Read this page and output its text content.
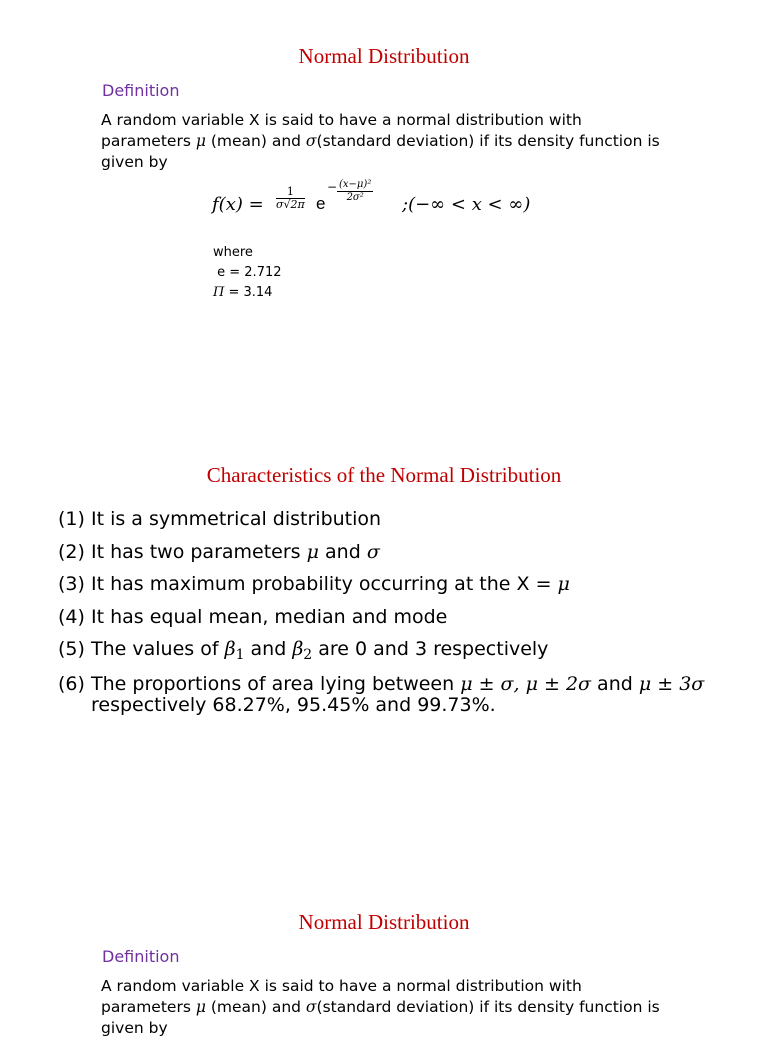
Normal Distribution
Definition
A random variable X is said to have a normal distribution with
parameters μ (mean) and σ(standard deviation) if its density function is
given by
$f(x) = \frac{1}{\sigma√2\pi}$ e
− $\frac{\text{(x−μ)²}}{\text{2σ²}}$
;(−∞ < x < ∞)
where
e = 2.712
Π = 3.14
Characteristics of the Normal Distribution
(1) It is a symmetrical distribution
(2) It has two parameters μ and σ
(3) It has maximum probability occurring at the X = μ
(4) It has equal mean, median and mode
(5) The values of $\beta_1$ and $\beta_2$ are 0 and 3 respectively
(6) The proportions of area lying between μ ± σ, μ ± 2σ and μ ± 3σ
respectively 68.27%, 95.45% and 99.73%.
Normal Distribution
Definition
A random variable X is said to have a normal distribution with
parameters μ (mean) and σ(standard deviation) if its density function is
given by
